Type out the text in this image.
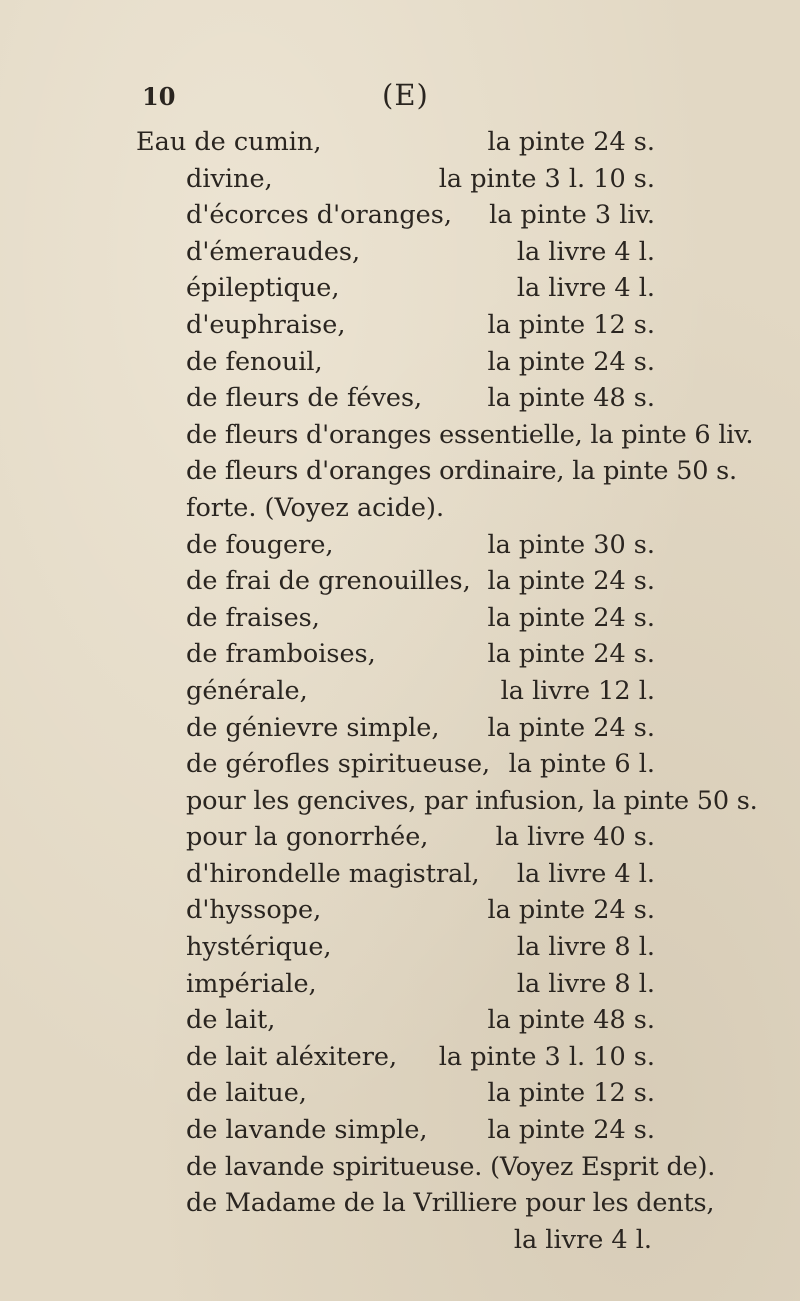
10	(E)
Eau de cumin,	la pinte 24 s.
divine,	la pinte 3 l. 10 s.
d'écorces d'oranges, la pinte 3 liv.
d'émeraudes,	la livre 4 l.
épileptique,	la livre 4 l.
d'euphraise,	la pinte 12 s.
de fenouil,	la pinte 24 s.
de fleurs de féves,	la pinte 48 s.
de fleurs d'oranges essentielle, la pinte 6 liv.
de fleurs d'oranges ordinaire, la pinte 50 s.
forte. (Voyez acide).
de fougere,	la pinte 30 s.
de frai de grenouilles, la pinte 24 s.
de fraises,	la pinte 24 s.
de framboises,	la pinte 24 s.
générale,	la livre 12 l.
de génievre simple, la pinte 24 s.
de gérofles spiritueuse, la pinte 6 l.
pour les gencives, par infusion, la pinte 50 s.
pour la gonorrhée,	la livre 40 s.
d'hirondelle magistral, la livre 4 l.
d'hyssope,	la pinte 24 s.
hystérique,	la livre 8 l.
impériale,	la livre 8 l.
de lait,	la pinte 48 s.
de lait aléxitere, la pinte 3 l. 10 s.
de laitue,	la pinte 12 s.
de lavande simple, la pinte 24 s.
de lavande spiritueuse. (Voyez Esprit de).
de Madame de la Vrilliere pour les dents,
la livre 4 l.
